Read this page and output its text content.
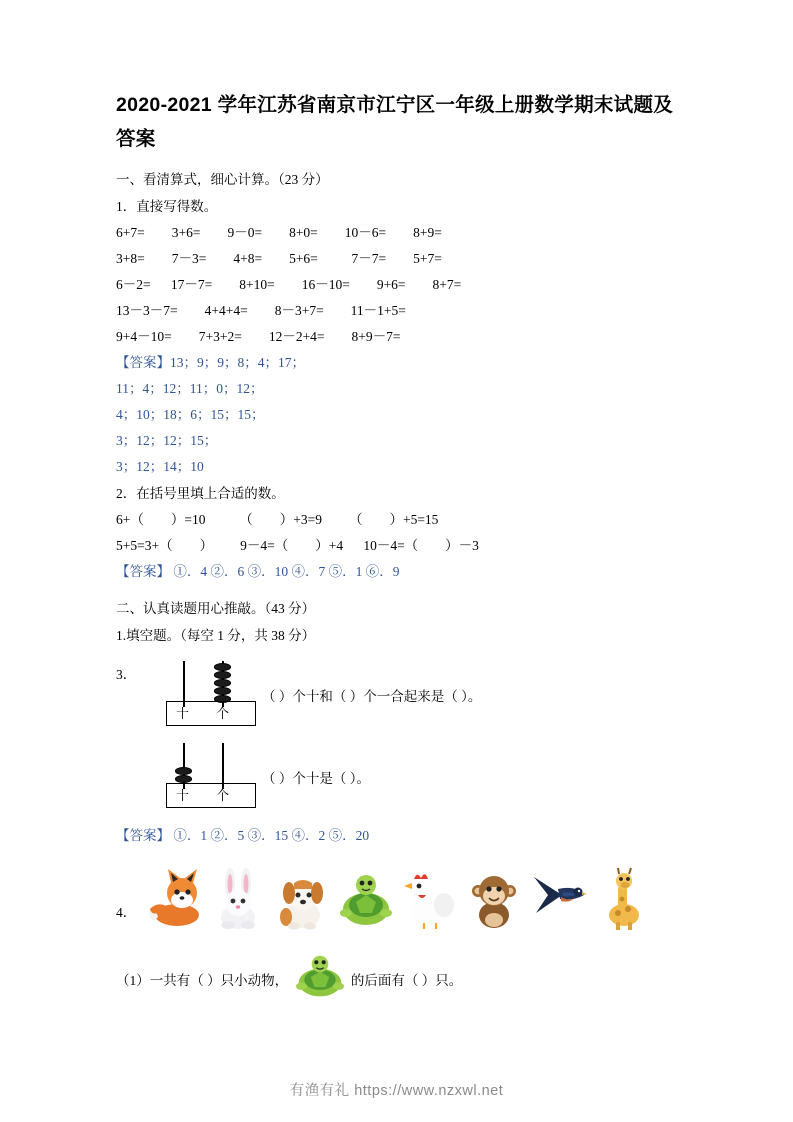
2020-2021 学年江苏省南京市江宁区一年级上册数学期末试题及答案
一、看清算式，细心计算。（23 分）
1．直接写得数。
6+7=        3+6=        9－0=        8+0=        10－6=        8+9=
3+8=        7－3=        4+8=        5+6=          7－7=        5+7=
6－2=      17－7=        8+10=        16－10=        9+6=        8+7=
13－3－7=        4+4+4=        8－3+7=        11－1+5=
9+4－10=        7+3+2=        12－2+4=        8+9－7=
【答案】13；9；9；8；4；17；
11；4；12；11；0；12；
4；10；18；6；15；15；
3；12；12；15；
3；12；14；10
2．在括号里填上合适的数。
6+（        ）=10          （        ）+3=9        （        ）+5=15
5+5=3+（        ）        9－4=（        ）+4      10－4=（        ）－3
【答案】 ①．4 ②．6 ③．10 ④．7 ⑤．1 ⑥．9
二、认真读题用心推敲。（43 分）
1.填空题。（每空 1 分，共 38 分）
3．
十 个
（ ）个十和（ ）个一合起来是（ ）。
十 个
（ ）个十是（ ）。
【答案】 ①．1 ②．5 ③．15 ④．2 ⑤．20
4．
（1）一共有（ ）只小动物，	的后面有（ ）只。
有渔有礼 https://www.nzxwl.net
